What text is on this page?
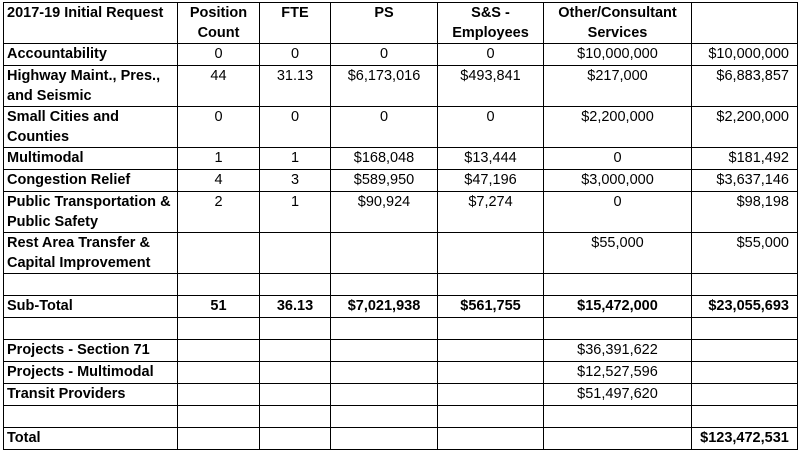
2017-19 Initial Request	Position Count	FTE	PS	S&S - Employees	Other/Consultant Services	
Accountability	0	0	0	0	$10,000,000	$10,000,000
Highway Maint., Pres., and Seismic	44	31.13	$6,173,016	$493,841	$217,000	$6,883,857
Small Cities and Counties	0	0	0	0	$2,200,000	$2,200,000
Multimodal	1	1	$168,048	$13,444	0	$181,492
Congestion Relief	4	3	$589,950	$47,196	$3,000,000	$3,637,146
Public Transportation & Public Safety	2	1	$90,924	$7,274	0	$98,198
Rest Area Transfer & Capital Improvement					$55,000	$55,000

Sub-Total	51	36.13	$7,021,938	$561,755	$15,472,000	$23,055,693

Projects - Section 71					$36,391,622	
Projects - Multimodal					$12,527,596	
Transit Providers					$51,497,620	

Total						$123,472,531
